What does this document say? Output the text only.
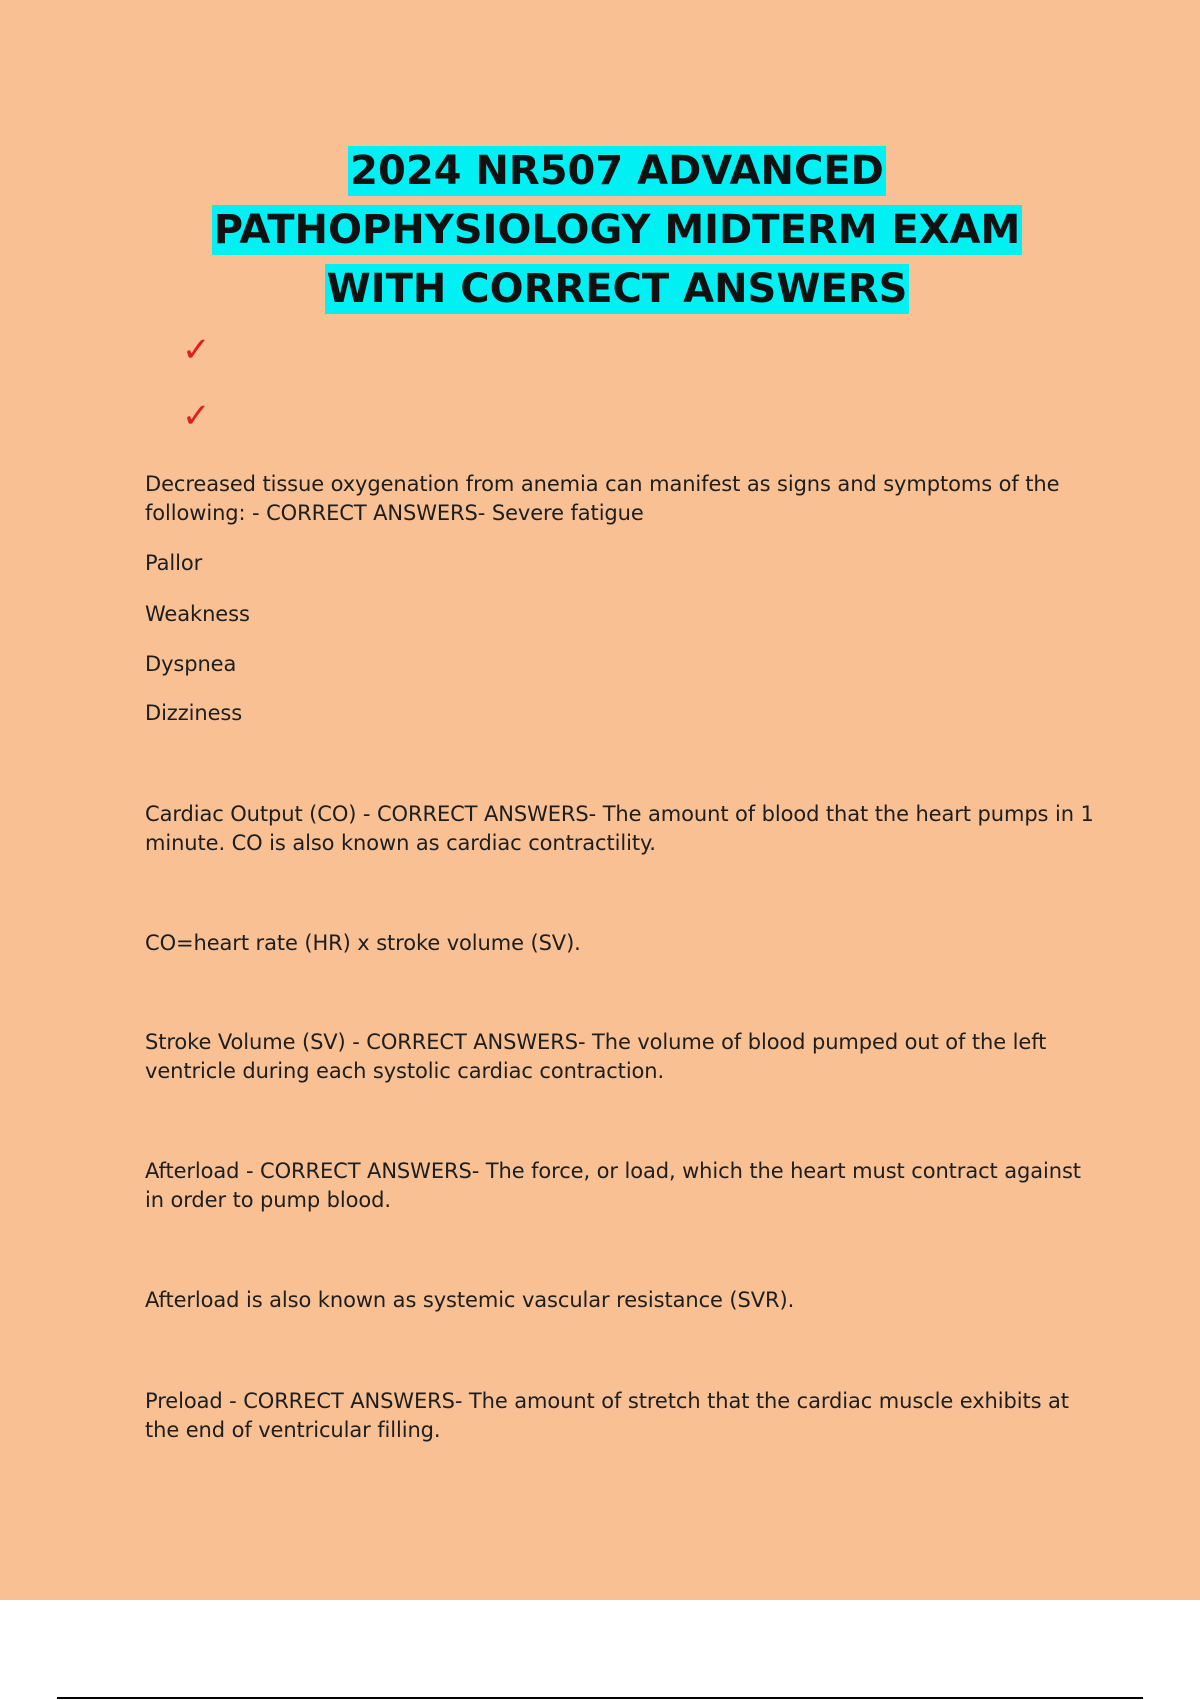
2024 NR507 ADVANCED
PATHOPHYSIOLOGY MIDTERM EXAM
WITH CORRECT ANSWERS
✓
✓

Decreased tissue oxygenation from anemia can manifest as signs and symptoms of the following: - CORRECT ANSWERS- Severe fatigue

Pallor

Weakness

Dyspnea

Dizziness

Cardiac Output (CO) - CORRECT ANSWERS- The amount of blood that the heart pumps in 1 minute. CO is also known as cardiac contractility.

CO=heart rate (HR) x stroke volume (SV).

Stroke Volume (SV) - CORRECT ANSWERS- The volume of blood pumped out of the left ventricle during each systolic cardiac contraction.

Afterload - CORRECT ANSWERS- The force, or load, which the heart must contract against in order to pump blood.

Afterload is also known as systemic vascular resistance (SVR).

Preload - CORRECT ANSWERS- The amount of stretch that the cardiac muscle exhibits at the end of ventricular filling.
